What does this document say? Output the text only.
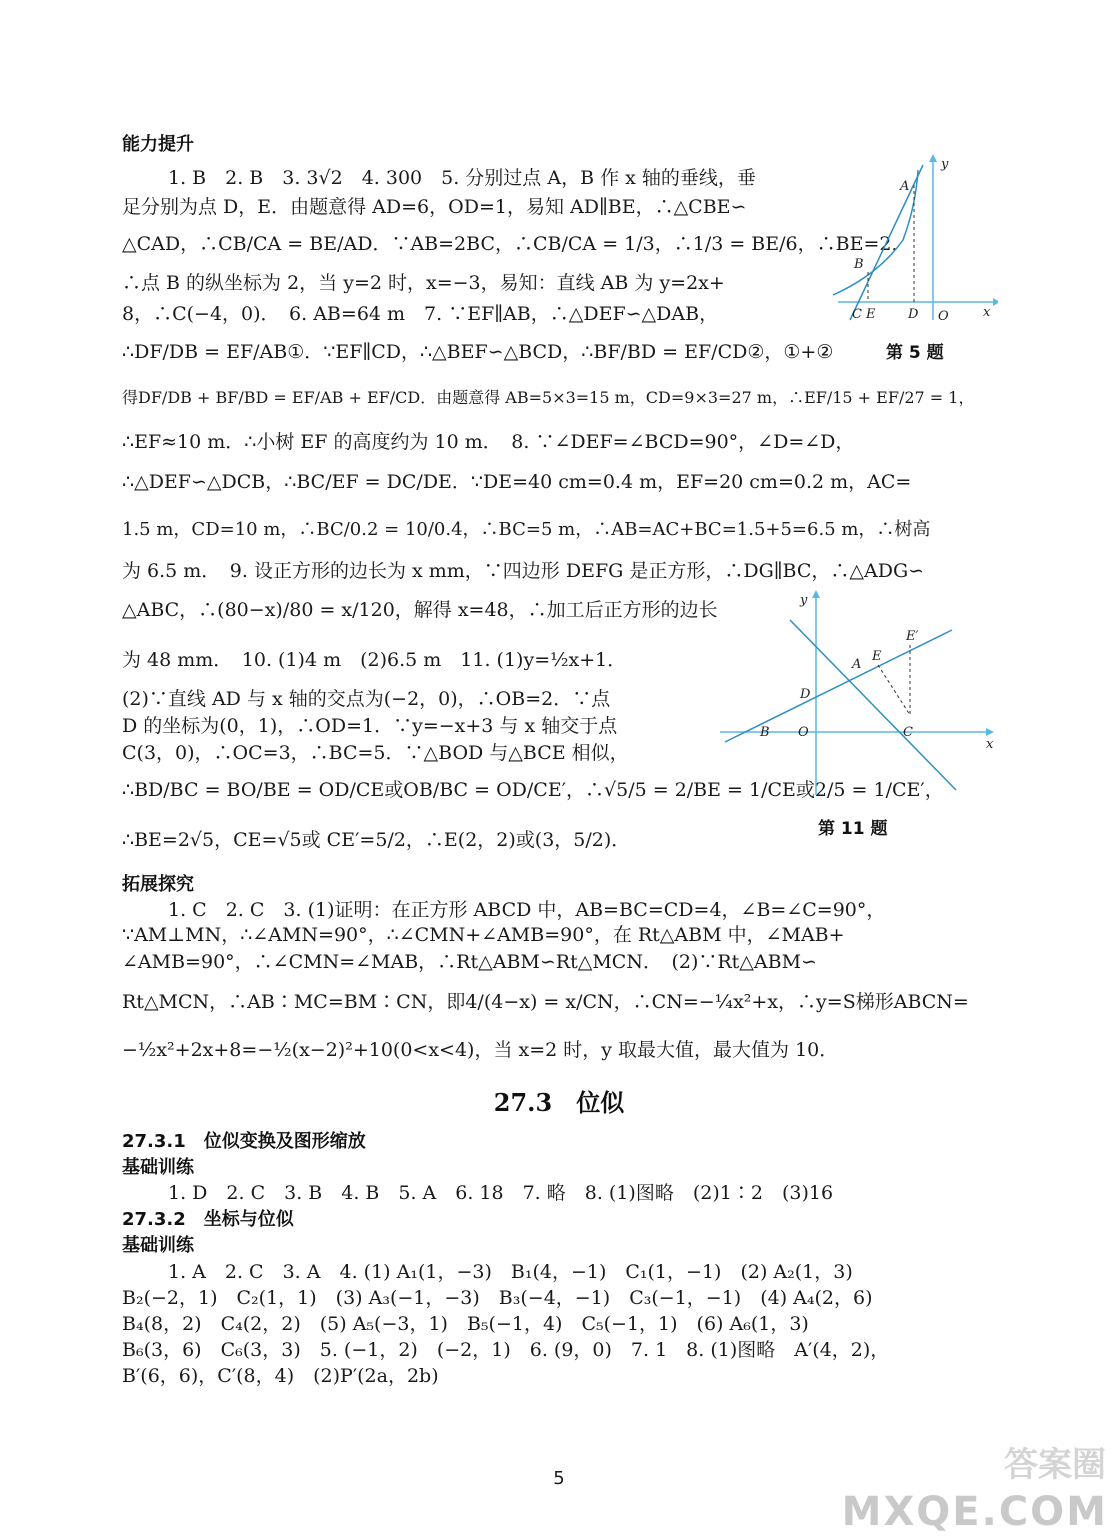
能力提升
1. B　2. B　3. 3√2　4. 300　5. 分别过点 A，B 作 x 轴的垂线，垂
足分别为点 D，E．由题意得 AD=6，OD=1，易知 AD∥BE，∴△CBE∽
△CAD，∴CB/CA = BE/AD．∵AB=2BC，∴CB/CA = 1/3，∴1/3 = BE/6，∴BE=2．
∴点 B 的纵坐标为 2，当 y=2 时，x=−3，易知：直线 AB 为 y=2x+
8，∴C(−4，0)．　6. AB=64 m　7. ∵EF∥AB，∴△DEF∽△DAB，
∴DF/DB = EF/AB①．∵EF∥CD，∴△BEF∽△BCD，∴BF/BD = EF/CD②，①+②
得DF/DB + BF/BD = EF/AB + EF/CD．由题意得 AB=5×3=15 m，CD=9×3=27 m，∴EF/15 + EF/27 = 1，
∴EF≈10 m．∴小树 EF 的高度约为 10 m．　8. ∵∠DEF=∠BCD=90°，∠D=∠D，
∴△DEF∽△DCB，∴BC/EF = DC/DE．∵DE=40 cm=0.4 m，EF=20 cm=0.2 m，AC=
1.5 m，CD=10 m，∴BC/0.2 = 10/0.4，∴BC=5 m，∴AB=AC+BC=1.5+5=6.5 m，∴树高
为 6.5 m．　9. 设正方形的边长为 x mm，∵四边形 DEFG 是正方形，∴DG∥BC，∴△ADG∽
△ABC，∴(80−x)/80 = x/120，解得 x=48，∴加工后正方形的边长
为 48 mm．　10. (1)4 m　(2)6.5 m　11. (1)y=½x+1．
(2)∵直线 AD 与 x 轴的交点为(−2，0)，∴OB=2．∵点
D 的坐标为(0，1)，∴OD=1．∵y=−x+3 与 x 轴交于点
C(3，0)，∴OC=3，∴BC=5．∵△BOD 与△BCE 相似，
∴BD/BC = BO/BE = OD/CE或OB/BC = OD/CE′，∴√5/5 = 2/BE = 1/CE或2/5 = 1/CE′，
∴BE=2√5，CE=√5或 CE′=5/2，∴E(2，2)或(3，5/2)．
y
A
B
C E	D O	x
第 5 题
y
E′
A
E
D
B O	C
x
第 11 题
拓展探究
1. C　2. C　3. (1)证明：在正方形 ABCD 中，AB=BC=CD=4，∠B=∠C=90°，
∵AM⊥MN，∴∠AMN=90°，∴∠CMN+∠AMB=90°，在 Rt△ABM 中，∠MAB+
∠AMB=90°，∴∠CMN=∠MAB，∴Rt△ABM∽Rt△MCN．　(2)∵Rt△ABM∽
Rt△MCN，∴AB∶MC=BM∶CN，即4/(4−x) = x/CN，∴CN=−¼x²+x，∴y=S梯形ABCN=
−½x²+2x+8=−½(x−2)²+10(0<x<4)，当 x=2 时，y 取最大值，最大值为 10．
27.3　位似
27.3.1　位似变换及图形缩放
基础训练
1. D　2. C　3. B　4. B　5. A　6. 18　7. 略　8. (1)图略　(2)1∶2　(3)16
27.3.2　坐标与位似
基础训练
1. A　2. C　3. A　4. (1) A₁(1，−3)　B₁(4，−1)　C₁(1，−1)　(2) A₂(1，3)
B₂(−2，1)　C₂(1，1)　(3) A₃(−1，−3)　B₃(−4，−1)　C₃(−1，−1)　(4) A₄(2，6)
B₄(8，2)　C₄(2，2)　(5) A₅(−3，1)　B₅(−1，4)　C₅(−1，1)　(6) A₆(1，3)
B₆(3，6)　C₆(3，3)　5. (−1，2)　(−2，1)　6. (9，0)　7. 1　8. (1)图略　A′(4，2)，
B′(6，6)，C′(8，4)　(2)P′(2a，2b)
5	答案圈
MXQE.COM
